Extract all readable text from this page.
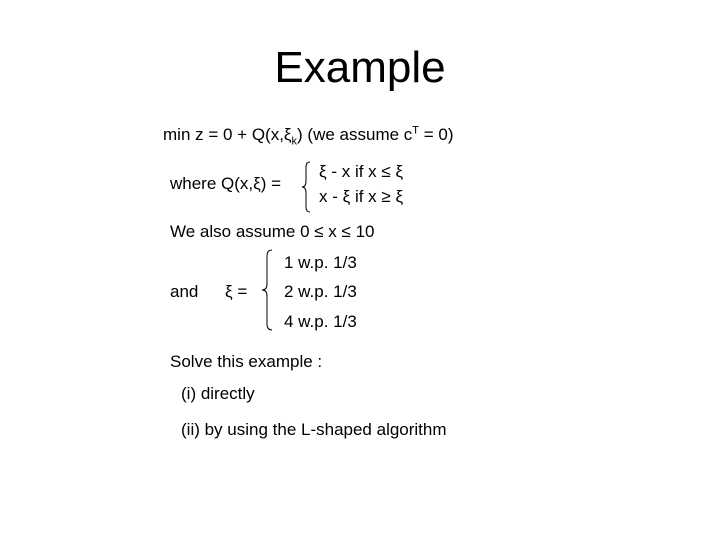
Example
$\min z = 0 + Q(x,\xi_k)$ (we assume $c^T = 0$)
where Q(x,ξ) =
ξ - x if x ≤ ξ
x - ξ if x ≥ ξ
We also assume 0 ≤ x ≤ 10
and ξ =
1 w.p. 1/3
2 w.p. 1/3
4 w.p. 1/3
Solve this example :
(i) directly
(ii) by using the L-shaped algorithm
